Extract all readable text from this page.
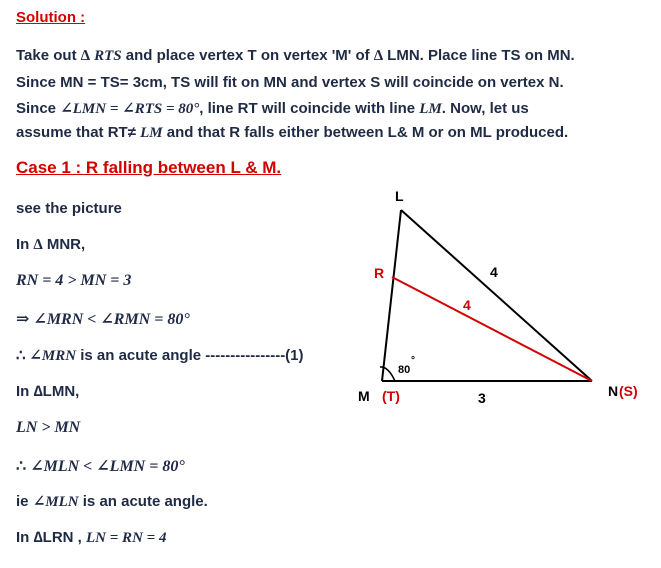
Solution :
Take out ∆ RTS and place vertex T on vertex 'M' of ∆ LMN. Place line TS on MN.
Since MN = TS= 3cm, TS will fit on MN and vertex S will coincide on vertex N.
Since ∠LMN = ∠RTS = 80°, line RT will coincide with line LM. Now, let us
assume that RT≠ LM and that R falls either between L& M or on ML produced.
Case 1 : R falling between L & M.
see the picture
In ∆ MNR,
RN = 4 > MN = 3
⇒ ∠MRN < ∠RMN = 80°
∴ ∠MRN is an acute angle ----------------(1)
In ∆LMN,
LN > MN
∴ ∠MLN < ∠LMN = 80°
ie ∠MLN is an acute angle.
In ∆LRN , LN = RN = 4
L
R
M (T)	N (S)
4
4
3
80
°
